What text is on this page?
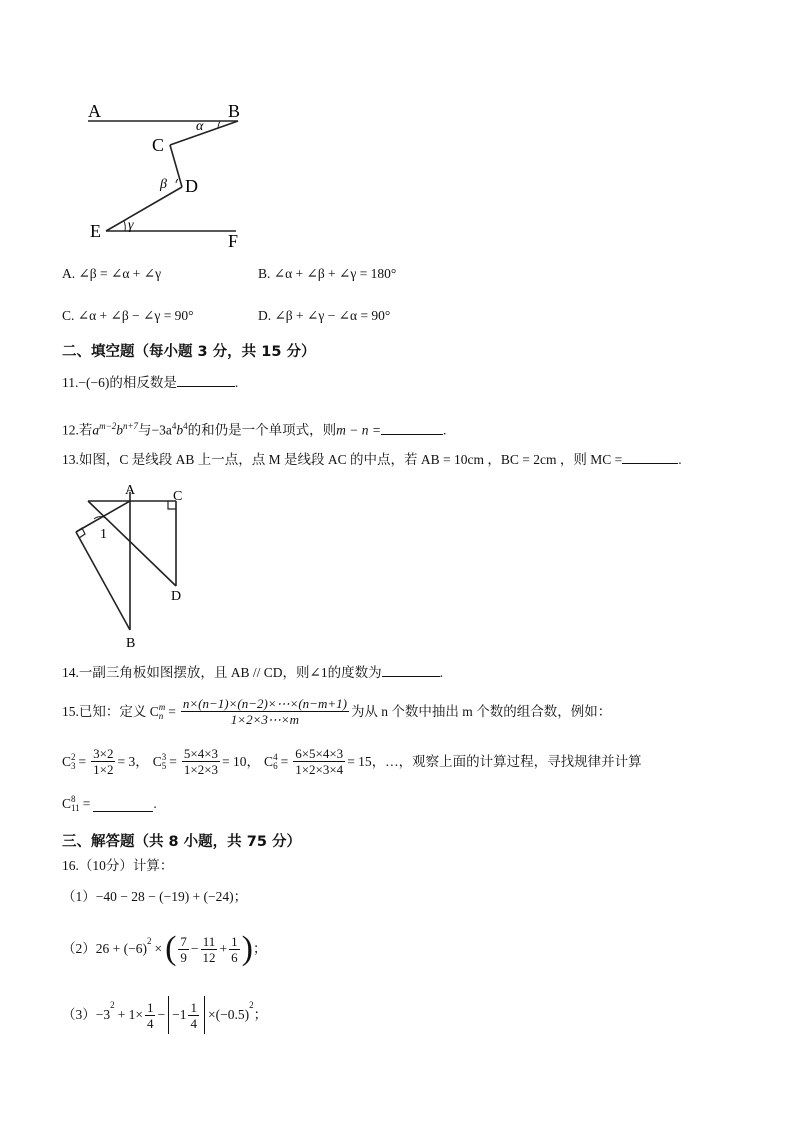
A	B
α
C
β D
γ
E	F
A. ∠β = ∠α + ∠γ	B. ∠α + ∠β + ∠γ = 180°
C. ∠α + ∠β − ∠γ = 90°	D. ∠β + ∠γ − ∠α = 90°
二、填空题（每小题 3 分，共 15 分）
11.−(−6)的相反数是	.
12.若$a^{m-2}b^{n+7}$与$-3a^4b^4$的和仍是一个单项式，则m − n =	.
13.如图，C 是线段 AB 上一点，点 M 是线段 AC 的中点，若 AB = 10cm ，BC = 2cm ，则 MC =	.
A	C
D
B
1
14.一副三角板如图摆放，且 AB // CD，则∠1的度数为	.
15.已知：定义 C m
$n = \frac{n\times(n-1)\times(n-2)\times\cdots\times(n-m+1)}{1\times 2\times 3\cdots\times m}$ 为从 n 个数中抽出 m 个数的组合数，例如：
C 2
$3 = \frac{3\times 2}{1\times 2} = 3$， C 3
$5 = \frac{5\times 4\times 3}{1\times 2\times 3} = 10$， C 4
$6 = \frac{6\times 5\times 4\times 3}{1\times 2\times 3\times 4} = 15$ ，…，观察上面的计算过程，寻找规律并计算
C 8
11 =	.
三、解答题（共 8 小题，共 75 分）
16.（10分）计算：
（1）−40 − 28 − (−19) + (−24)；
$(2)26 + (-6)^2$ × ( $\frac{7}{9} - \frac{11}{12} + \frac{1}{6}$ ) ；
（3）−3
$^2$
+ $1\times \frac{1}{4} - -1 \frac{1}{4} \times(-0.5)$
$^2$
；
